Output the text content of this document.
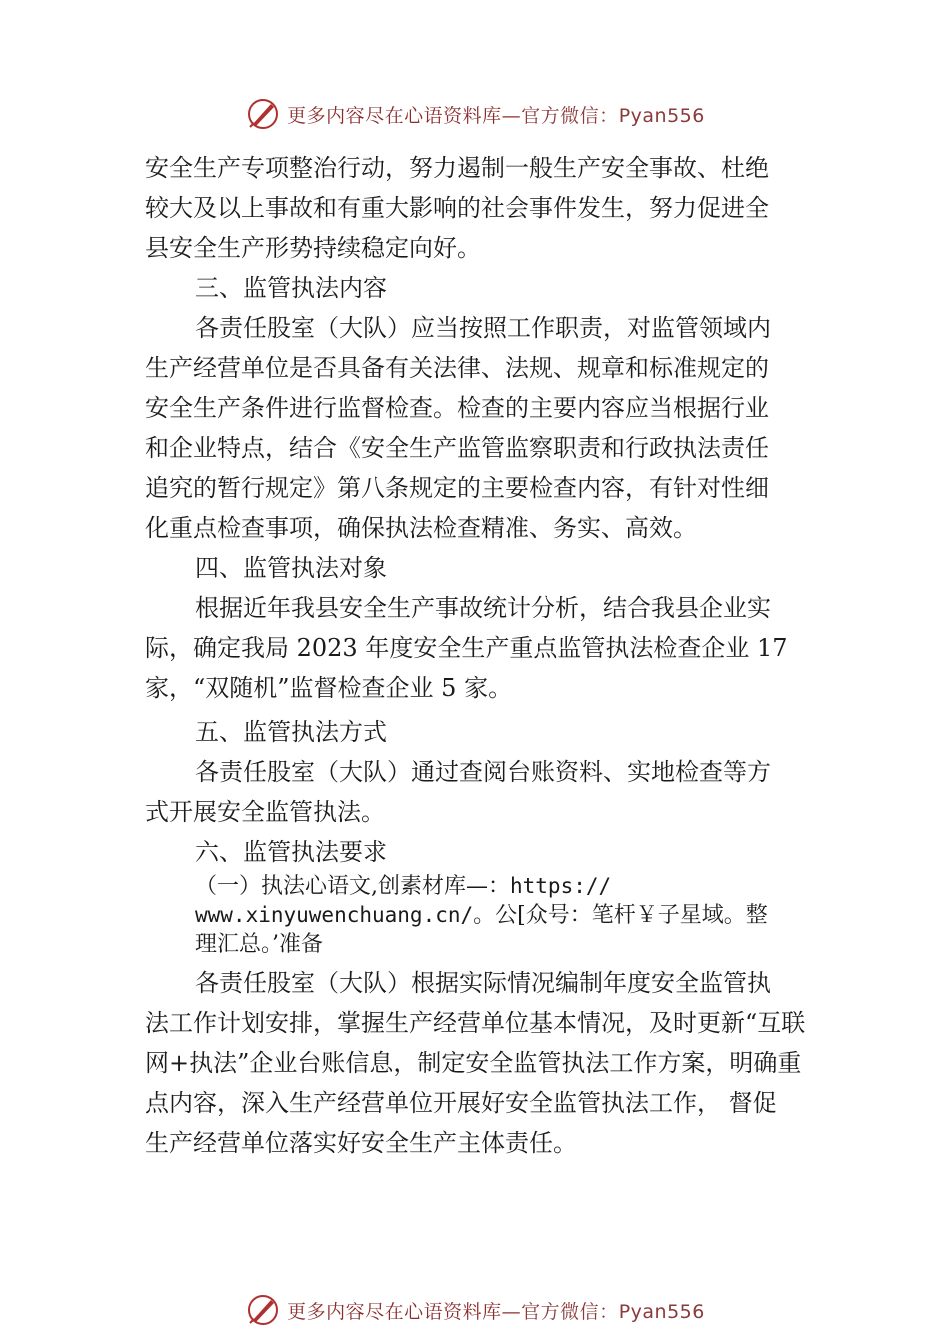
更多内容尽在心语资料库—官方微信：Pyan556
安全生产专项整治行动，努力遏制一般生产安全事故、杜绝
较大及以上事故和有重大影响的社会事件发生，努力促进全
县安全生产形势持续稳定向好。
三、监管执法内容
各责任股室（大队）应当按照工作职责，对监管领域内
生产经营单位是否具备有关法律、法规、规章和标准规定的
安全生产条件进行监督检查。检查的主要内容应当根据行业
和企业特点，结合《安全生产监管监察职责和行政执法责任
追究的暂行规定》第八条规定的主要检查内容，有针对性细
化重点检查事项，确保执法检查精准、务实、高效。
四、监管执法对象
根据近年我县安全生产事故统计分析，结合我县企业实
际，确定我局 2023 年度安全生产重点监管执法检查企业 17
家，“双随机”监督检查企业 5 家。
五、监管执法方式
各责任股室（大队）通过查阅台账资料、实地检查等方
式开展安全监管执法。
六、监管执法要求
（一）执法心语文,创素材库—：https://
www.xinyuwenchuang.cn/。公[众号：笔杆￥子星域。整
理汇总。’准备
各责任股室（大队）根据实际情况编制年度安全监管执
法工作计划安排，掌握生产经营单位基本情况，及时更新“互联
网+执法”企业台账信息，制定安全监管执法工作方案，明确重
点内容，深入生产经营单位开展好安全监管执法工作， 督促
生产经营单位落实好安全生产主体责任。
更多内容尽在心语资料库—官方微信：Pyan556
